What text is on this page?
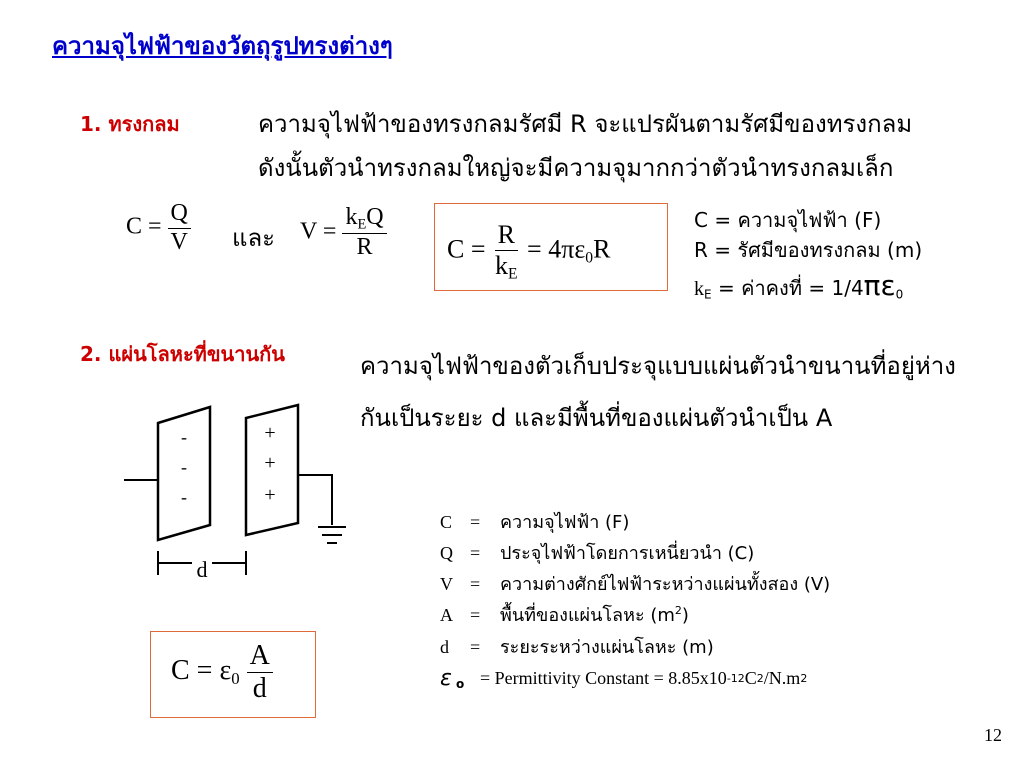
ความจุไฟฟ้าของวัตถุรูปทรงต่างๆ
1. ทรงกลม	ความจุไฟฟ้าของทรงกลมรัศมี R จะแปรผันตามรัศมีของทรงกลม
ดังนั้นตัวนำทรงกลมใหญ่จะมีความจุมากกว่าตัวนำทรงกลมเล็ก
$C = \frac{Q}{V}$ และ $V = \frac{k_EQ}{R}$ $C = \frac{R}{k_E} = 4\pi\varepsilon_0R$
C = ความจุไฟฟ้า (F)
R = รัศมีของทรงกลม (m)
$k_E$ = ค่าคงที่ = $1/4\pi\varepsilon_0$
2. แผ่นโลหะที่ขนานกัน	ความจุไฟฟ้าของตัวเก็บประจุแบบแผ่นตัวนำขนานที่อยู่ห่าง
กันเป็นระยะ d และมีพื้นที่ของแผ่นตัวนำเป็น A
-
-
-
+
+
+
d
C =	ความจุไฟฟ้า (F)
Q =	ประจุไฟฟ้าโดยการเหนี่ยวนำ (C)
V =	ความต่างศักย์ไฟฟ้าระหว่างแผ่นทั้งสอง (V)
A =	พื้นที่ของแผ่นโลหะ $(m^2)$
d	=	ระยะระหว่างแผ่นโลหะ (m)
ε o = Permittivity Constant = 8.85x10 -12 C 2 /N.m 2
$C = \varepsilon_0 \frac{A}{d}$
12
